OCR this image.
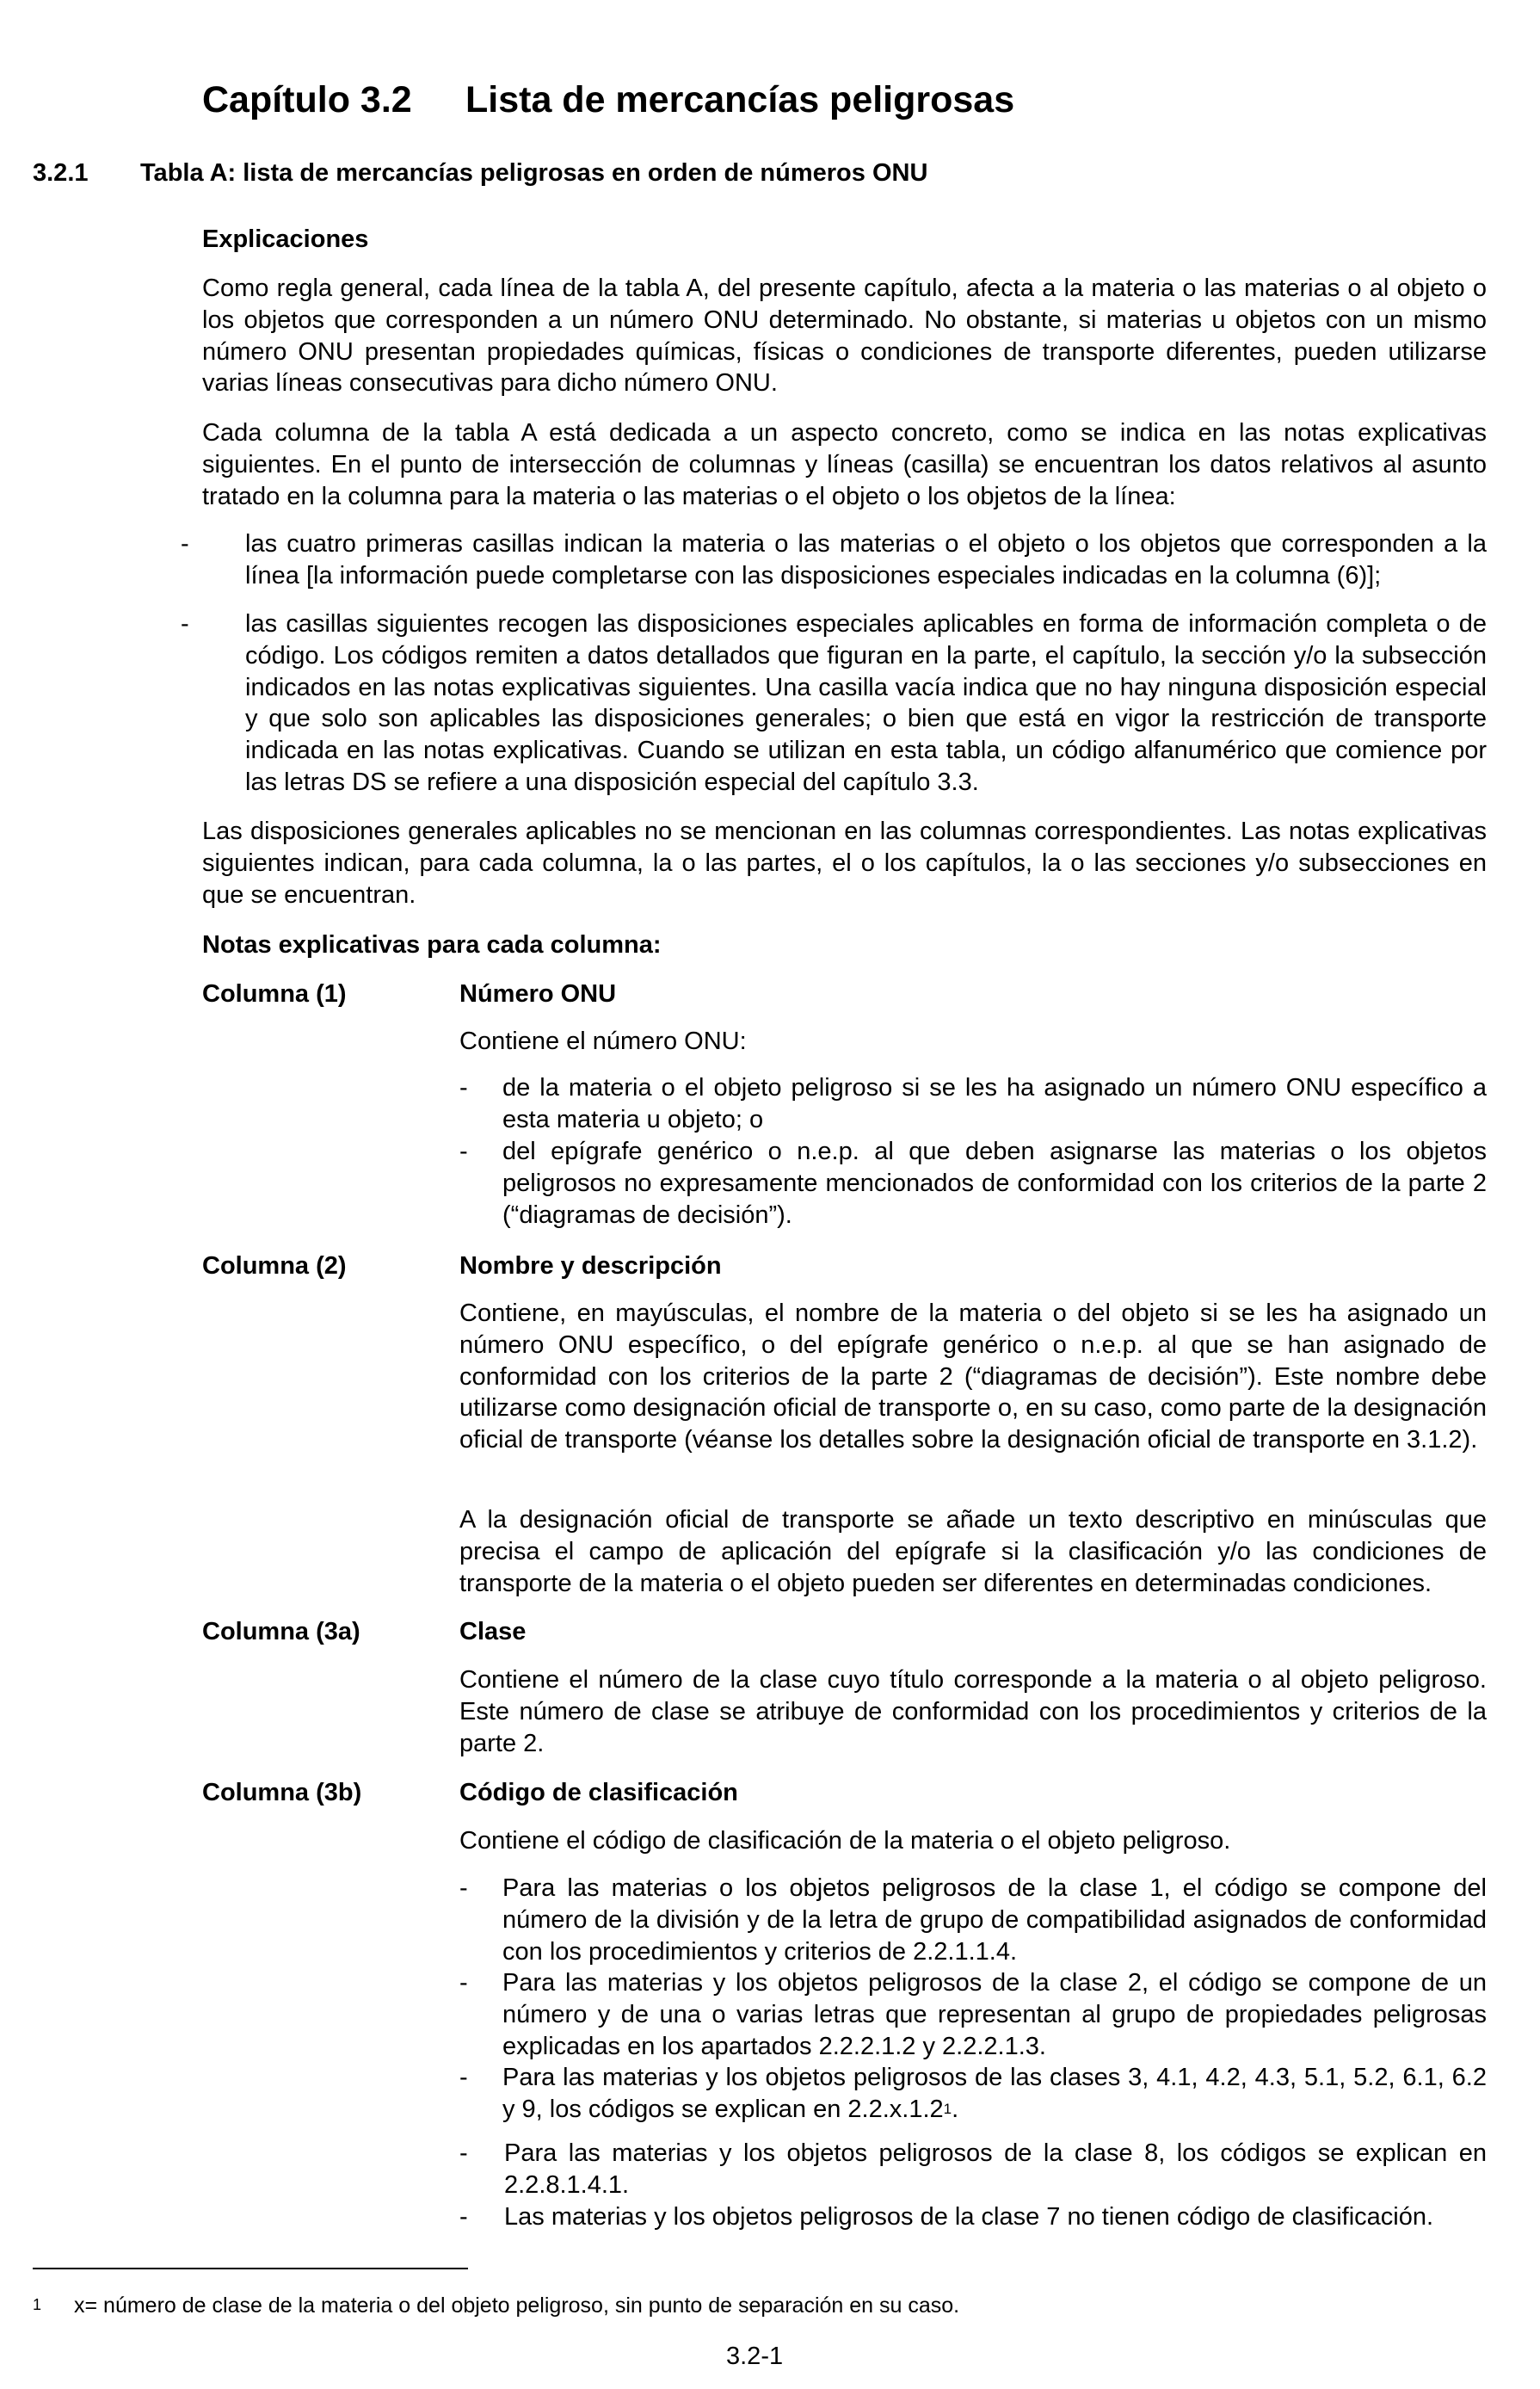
Capítulo 3.2 Lista de mercancías peligrosas
3.2.1 Tabla A: lista de mercancías peligrosas en orden de números ONU
Explicaciones
Como regla general, cada línea de la tabla A, del presente capítulo, afecta a la materia o las materias o al objeto o los objetos que corresponden a un número ONU determinado. No obstante, si materias u objetos con un mismo número ONU presentan propiedades químicas, físicas o condiciones de transporte diferentes, pueden utilizarse varias líneas consecutivas para dicho número ONU.
Cada columna de la tabla A está dedicada a un aspecto concreto, como se indica en las notas explicativas siguientes. En el punto de intersección de columnas y líneas (casilla) se encuentran los datos relativos al asunto tratado en la columna para la materia o las materias o el objeto o los objetos de la línea:
- las cuatro primeras casillas indican la materia o las materias o el objeto o los objetos que corresponden a la línea [la información puede completarse con las disposiciones especiales indicadas en la columna (6)];
- las casillas siguientes recogen las disposiciones especiales aplicables en forma de información completa o de código. Los códigos remiten a datos detallados que figuran en la parte, el capítulo, la sección y/o la subsección indicados en las notas explicativas siguientes. Una casilla vacía indica que no hay ninguna disposición especial y que solo son aplicables las disposiciones generales; o bien que está en vigor la restricción de transporte indicada en las notas explicativas. Cuando se utilizan en esta tabla, un código alfanumérico que comience por las letras DS se refiere a una disposición especial del capítulo 3.3.
Las disposiciones generales aplicables no se mencionan en las columnas correspondientes. Las notas explicativas siguientes indican, para cada columna, la o las partes, el o los capítulos, la o las secciones y/o subsecciones en que se encuentran.
Notas explicativas para cada columna:
Columna (1)	Número ONU
Contiene el número ONU:
- de la materia o el objeto peligroso si se les ha asignado un número ONU específico a esta materia u objeto; o
- del epígrafe genérico o n.e.p. al que deben asignarse las materias o los objetos peligrosos no expresamente mencionados de conformidad con los criterios de la parte 2 (“diagramas de decisión”).
Columna (2)	Nombre y descripción
Contiene, en mayúsculas, el nombre de la materia o del objeto si se les ha asignado un número ONU específico, o del epígrafe genérico o n.e.p. al que se han asignado de conformidad con los criterios de la parte 2 (“diagramas de decisión”). Este nombre debe utilizarse como designación oficial de transporte o, en su caso, como parte de la designación oficial de transporte (véanse los detalles sobre la designación oficial de transporte en 3.1.2).
A la designación oficial de transporte se añade un texto descriptivo en minúsculas que precisa el campo de aplicación del epígrafe si la clasificación y/o las condiciones de transporte de la materia o el objeto pueden ser diferentes en determinadas condiciones.
Columna (3a)	Clase
Contiene el número de la clase cuyo título corresponde a la materia o al objeto peligroso. Este número de clase se atribuye de conformidad con los procedimientos y criterios de la parte 2.
Columna (3b)	Código de clasificación
Contiene el código de clasificación de la materia o el objeto peligroso.
- Para las materias o los objetos peligrosos de la clase 1, el código se compone del número de la división y de la letra de grupo de compatibilidad asignados de conformidad con los procedimientos y criterios de 2.2.1.1.4.
- Para las materias y los objetos peligrosos de la clase 2, el código se compone de un número y de una o varias letras que representan al grupo de propiedades peligrosas explicadas en los apartados 2.2.2.1.2 y 2.2.2.1.3.
- Para las materias y los objetos peligrosos de las clases 3, 4.1, 4.2, 4.3, 5.1, 5.2, 6.1, 6.2 y 9, los códigos se explican en 2.2.x.1.2$^1$.
- Para las materias y los objetos peligrosos de la clase 8, los códigos se explican en 2.2.8.1.4.1.
- Las materias y los objetos peligrosos de la clase 7 no tienen código de clasificación.
1 x= número de clase de la materia o del objeto peligroso, sin punto de separación en su caso.
3.2-1
